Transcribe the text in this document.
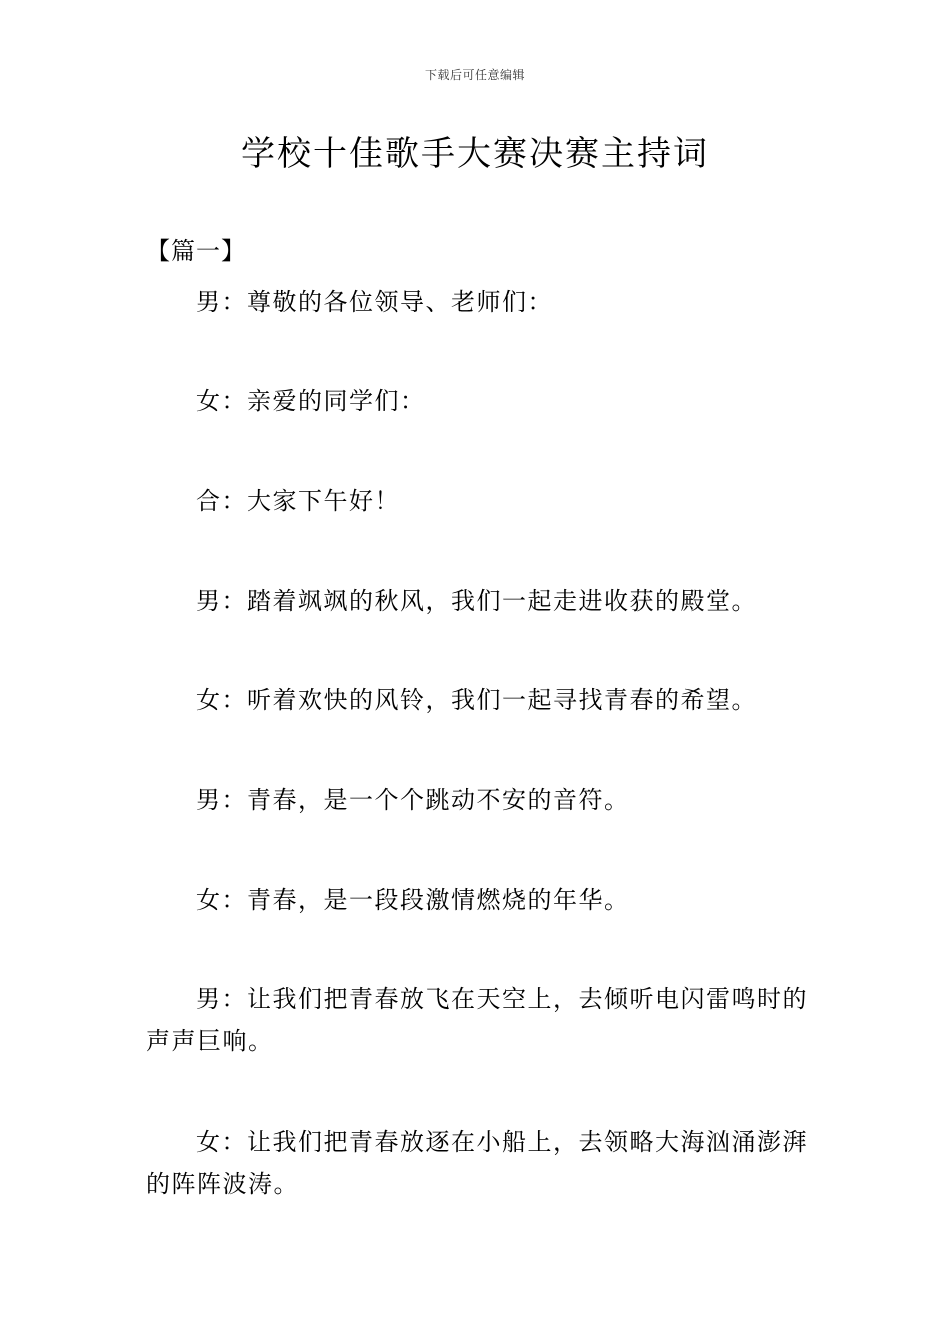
下载后可任意编辑
学校十佳歌手大赛决赛主持词
【篇一】

男：尊敬的各位领导、老师们：

女：亲爱的同学们：

合：大家下午好！

男：踏着飒飒的秋风，我们一起走进收获的殿堂。

女：听着欢快的风铃，我们一起寻找青春的希望。

男：青春，是一个个跳动不安的音符。

女：青春，是一段段激情燃烧的年华。

男：让我们把青春放飞在天空上，去倾听电闪雷鸣时的声声巨响。

女：让我们把青春放逐在小船上，去领略大海汹涌澎湃的阵阵波涛。
